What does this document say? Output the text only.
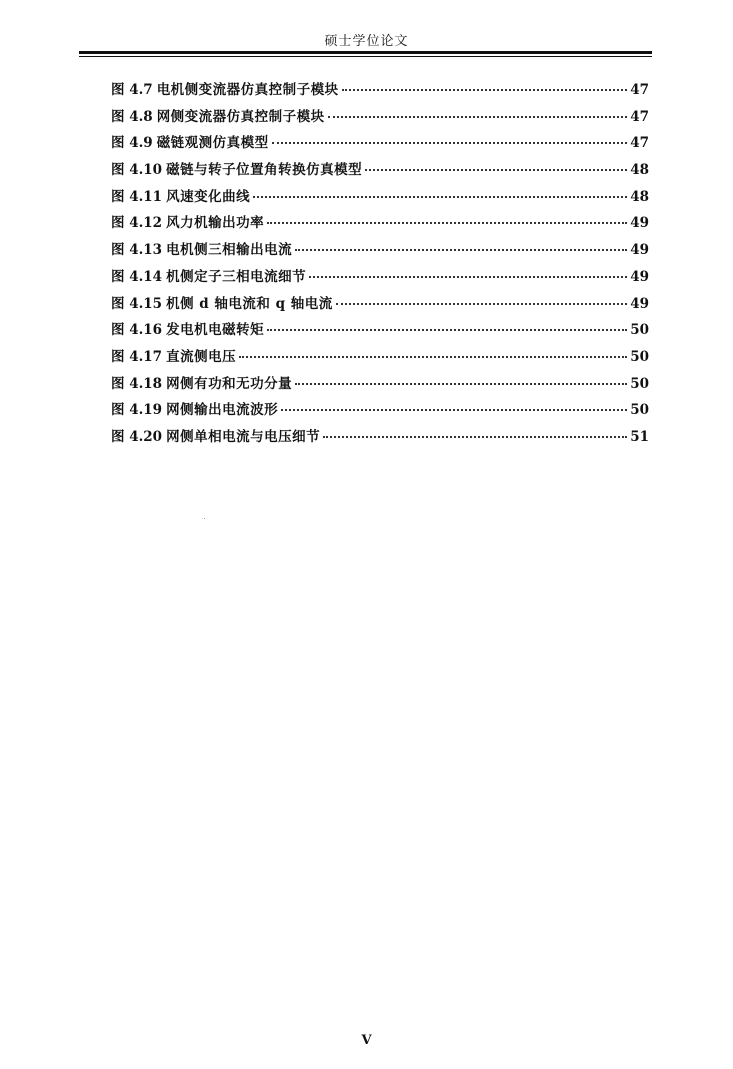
硕士学位论文
图 4.7 电机侧变流器仿真控制子模块	47
图 4.8 网侧变流器仿真控制子模块	47
图 4.9 磁链观测仿真模型	47
图 4.10 磁链与转子位置角转换仿真模型	48
图 4.11 风速变化曲线	48
图 4.12 风力机输出功率	49
图 4.13 电机侧三相输出电流	49
图 4.14 机侧定子三相电流细节	49
图 4.15 机侧 d 轴电流和 q 轴电流	49
图 4.16 发电机电磁转矩	50
图 4.17 直流侧电压	50
图 4.18 网侧有功和无功分量	50
图 4.19 网侧输出电流波形	50
图 4.20 网侧单相电流与电压细节	51
V
